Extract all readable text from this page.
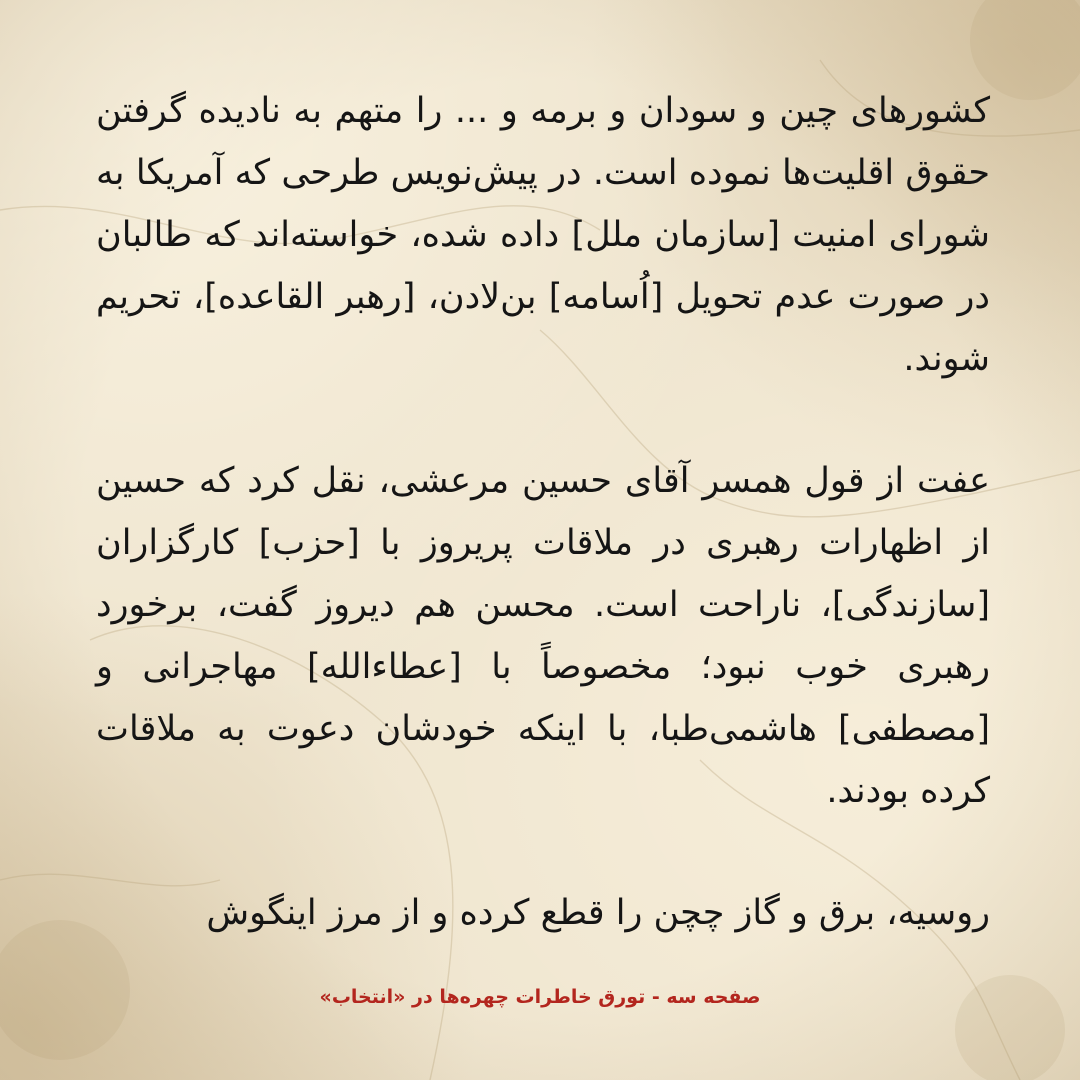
کشورهای چین و سودان و برمه و ... را متهم به نادیده گرفتن حقوق اقلیت‌ها نموده است. در پیش‌نویس طرحی که آمریکا به شورای امنیت [سازمان ملل] داده شده، خواسته‌اند که طالبان در صورت عدم تحویل [اُسامه] بن‌لادن، [رهبر القاعده]، تحریم شوند.

عفت از قول همسر آقای حسین مرعشی، نقل کرد که حسین از اظهارات رهبری در ملاقات پریروز با [حزب] کارگزاران [سازندگی]، ناراحت است. محسن هم دیروز گفت، برخورد رهبری خوب نبود؛ مخصوصاً با [عطاءالله] مهاجرانی و [مصطفی] هاشمی‌طبا، با اینکه خودشان دعوت به ملاقات کرده بودند.

روسیه، برق و گاز چچن را قطع کرده و از مرز اینگوش

صفحه سه - تورق خاطرات چهره‌ها در «انتخاب»
